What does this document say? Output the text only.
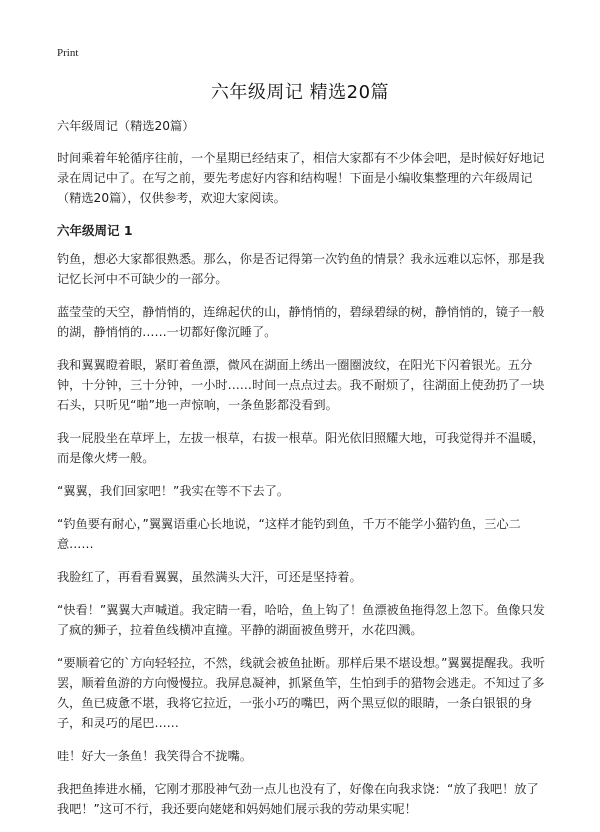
Print
六年级周记 精选20篇

六年级周记（精选20篇）

时间乘着年轮循序往前，一个星期已经结束了，相信大家都有不少体会吧，是时候好好地记录在周记中了。在写之前，要先考虑好内容和结构喔！下面是小编收集整理的六年级周记（精选20篇），仅供参考，欢迎大家阅读。

六年级周记 1

钓鱼，想必大家都很熟悉。那么，你是否记得第一次钓鱼的情景？我永远难以忘怀，那是我记忆长河中不可缺少的一部分。

蓝莹莹的天空，静悄悄的，连绵起伏的山，静悄悄的，碧绿碧绿的树，静悄悄的，镜子一般的湖，静悄悄的……一切都好像沉睡了。

我和翼翼瞪着眼，紧盯着鱼漂，微风在湖面上绣出一圈圈波纹，在阳光下闪着银光。五分钟，十分钟，三十分钟，一小时……时间一点点过去。我不耐烦了，往湖面上使劲扔了一块石头，只听见“啪”地一声惊响，一条鱼影都没看到。

我一屁股坐在草坪上，左拔一根草，右拔一根草。阳光依旧照耀大地，可我觉得并不温暖，而是像火烤一般。

“翼翼，我们回家吧！”我实在等不下去了。

“钓鱼要有耐心，”翼翼语重心长地说，“这样才能钓到鱼，千万不能学小猫钓鱼，三心二意……

我脸红了，再看看翼翼，虽然满头大汗，可还是坚持着。

“快看！”翼翼大声喊道。我定睛一看，哈哈，鱼上钩了！鱼漂被鱼拖得忽上忽下。鱼像只发了疯的狮子，拉着鱼线横冲直撞。平静的湖面被鱼劈开，水花四溅。

“要顺着它的`方向轻轻拉，不然，线就会被鱼扯断。那样后果不堪设想。”翼翼提醒我。我听罢，顺着鱼游的方向慢慢拉。我屏息凝神，抓紧鱼竿，生怕到手的猎物会逃走。不知过了多久，鱼已疲惫不堪，我将它拉近，一张小巧的嘴巴，两个黑豆似的眼睛，一条白银银的身子，和灵巧的尾巴……

哇！好大一条鱼！我笑得合不拢嘴。

我把鱼捧进水桶，它刚才那股神气劲一点儿也没有了，好像在向我求饶：“放了我吧！放了我吧！”这可不行，我还要向姥姥和妈妈她们展示我的劳动果实呢！
